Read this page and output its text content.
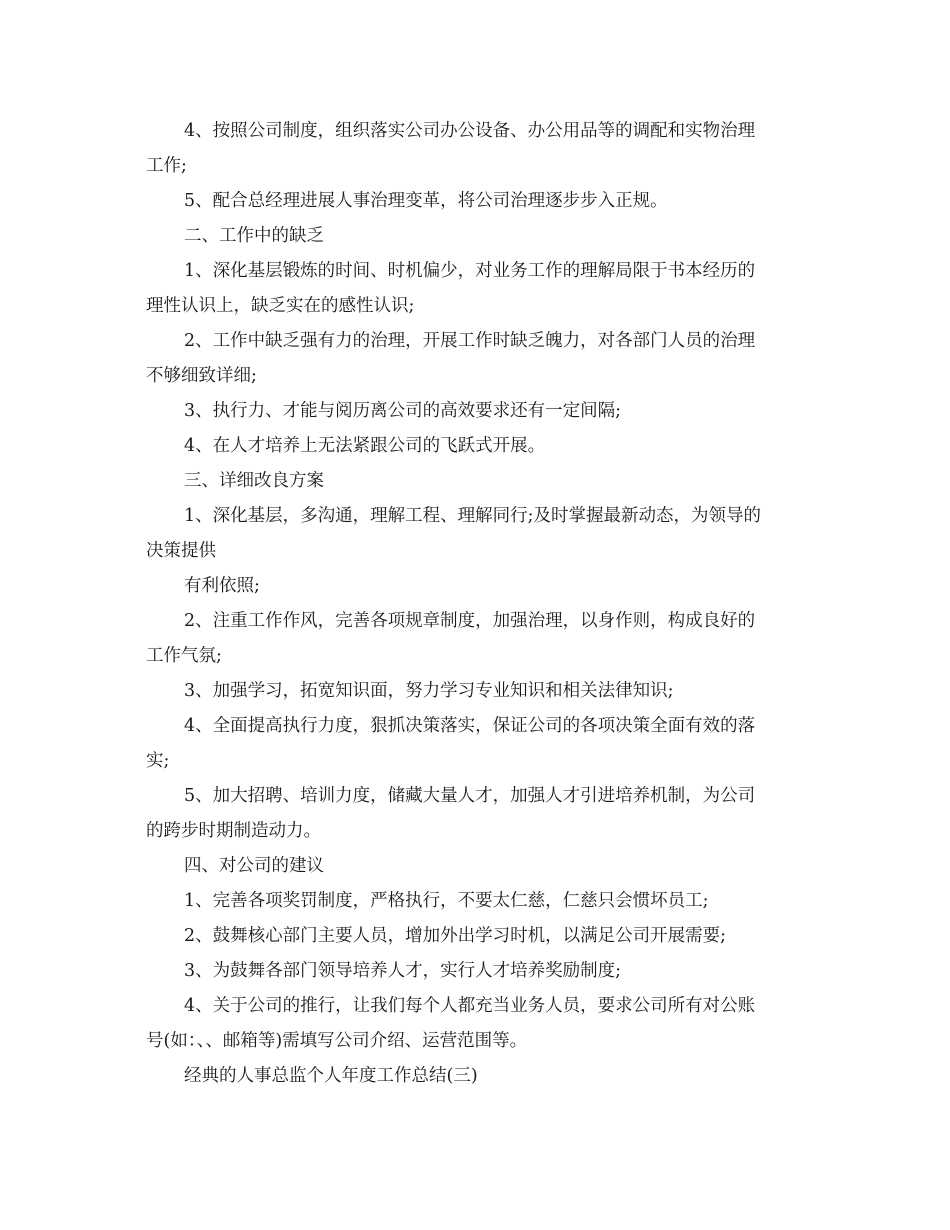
4、按照公司制度，组织落实公司办公设备、办公用品等的调配和实物治理
工作;
5、配合总经理进展人事治理变革，将公司治理逐步步入正规。
二、工作中的缺乏
1、深化基层锻炼的时间、时机偏少，对业务工作的理解局限于书本经历的
理性认识上，缺乏实在的感性认识;
2、工作中缺乏强有力的治理，开展工作时缺乏魄力，对各部门人员的治理
不够细致详细;
3、执行力、才能与阅历离公司的高效要求还有一定间隔;
4、在人才培养上无法紧跟公司的飞跃式开展。
三、详细改良方案
1、深化基层，多沟通，理解工程、理解同行;及时掌握最新动态，为领导的
决策提供
有利依照;
2、注重工作作风，完善各项规章制度，加强治理，以身作则，构成良好的
工作气氛;
3、加强学习，拓宽知识面，努力学习专业知识和相关法律知识;
4、全面提高执行力度，狠抓决策落实，保证公司的各项决策全面有效的落
实;
5、加大招聘、培训力度，储藏大量人才，加强人才引进培养机制，为公司
的跨步时期制造动力。
四、对公司的建议
1、完善各项奖罚制度，严格执行，不要太仁慈，仁慈只会惯坏员工;
2、鼓舞核心部门主要人员，增加外出学习时机，以满足公司开展需要;
3、为鼓舞各部门领导培养人才，实行人才培养奖励制度;
4、关于公司的推行，让我们每个人都充当业务人员，要求公司所有对公账
号(如：、、邮箱等)需填写公司介绍、运营范围等。
经典的人事总监个人年度工作总结(三)
